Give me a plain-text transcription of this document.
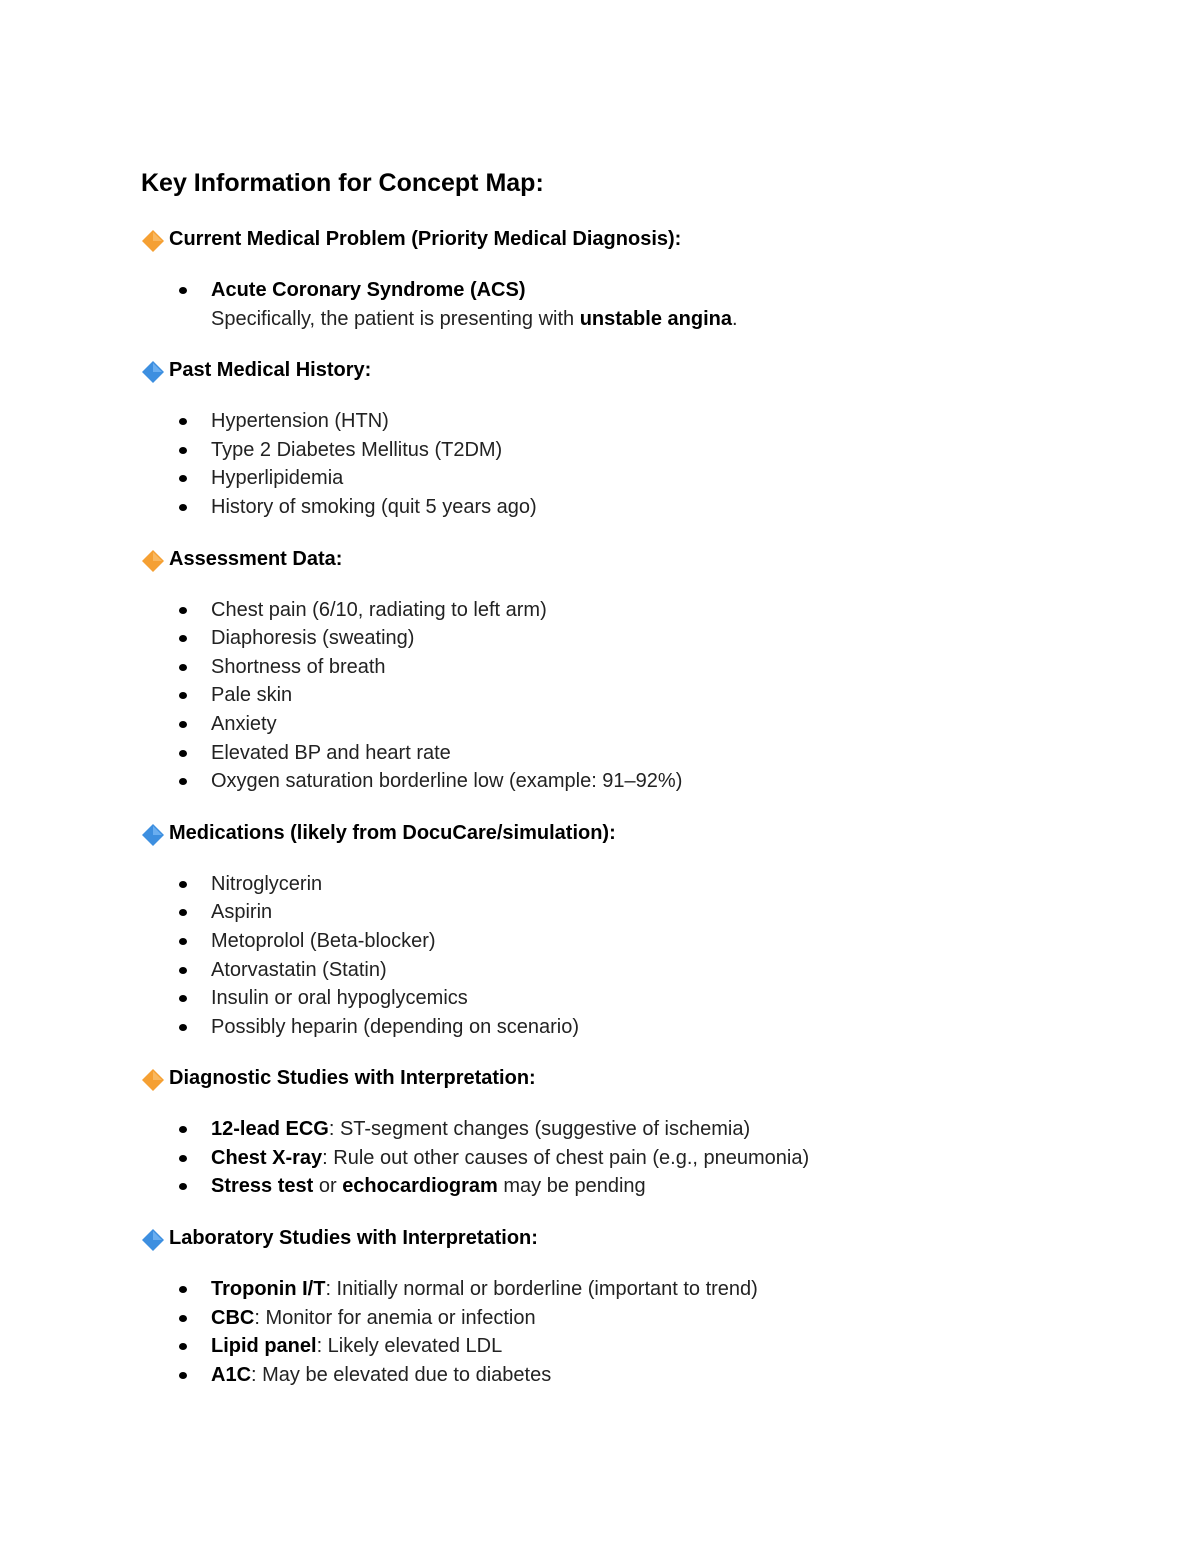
Key Information for Concept Map:
Current Medical Problem (Priority Medical Diagnosis):
Acute Coronary Syndrome (ACS)
Specifically, the patient is presenting with unstable angina.
Past Medical History:
Hypertension (HTN)
Type 2 Diabetes Mellitus (T2DM)
Hyperlipidemia
History of smoking (quit 5 years ago)
Assessment Data:
Chest pain (6/10, radiating to left arm)
Diaphoresis (sweating)
Shortness of breath
Pale skin
Anxiety
Elevated BP and heart rate
Oxygen saturation borderline low (example: 91–92%)
Medications (likely from DocuCare/simulation):
Nitroglycerin
Aspirin
Metoprolol (Beta-blocker)
Atorvastatin (Statin)
Insulin or oral hypoglycemics
Possibly heparin (depending on scenario)
Diagnostic Studies with Interpretation:
12-lead ECG: ST-segment changes (suggestive of ischemia)
Chest X-ray: Rule out other causes of chest pain (e.g., pneumonia)
Stress test or echocardiogram may be pending
Laboratory Studies with Interpretation:
Troponin I/T: Initially normal or borderline (important to trend)
CBC: Monitor for anemia or infection
Lipid panel: Likely elevated LDL
A1C: May be elevated due to diabetes
